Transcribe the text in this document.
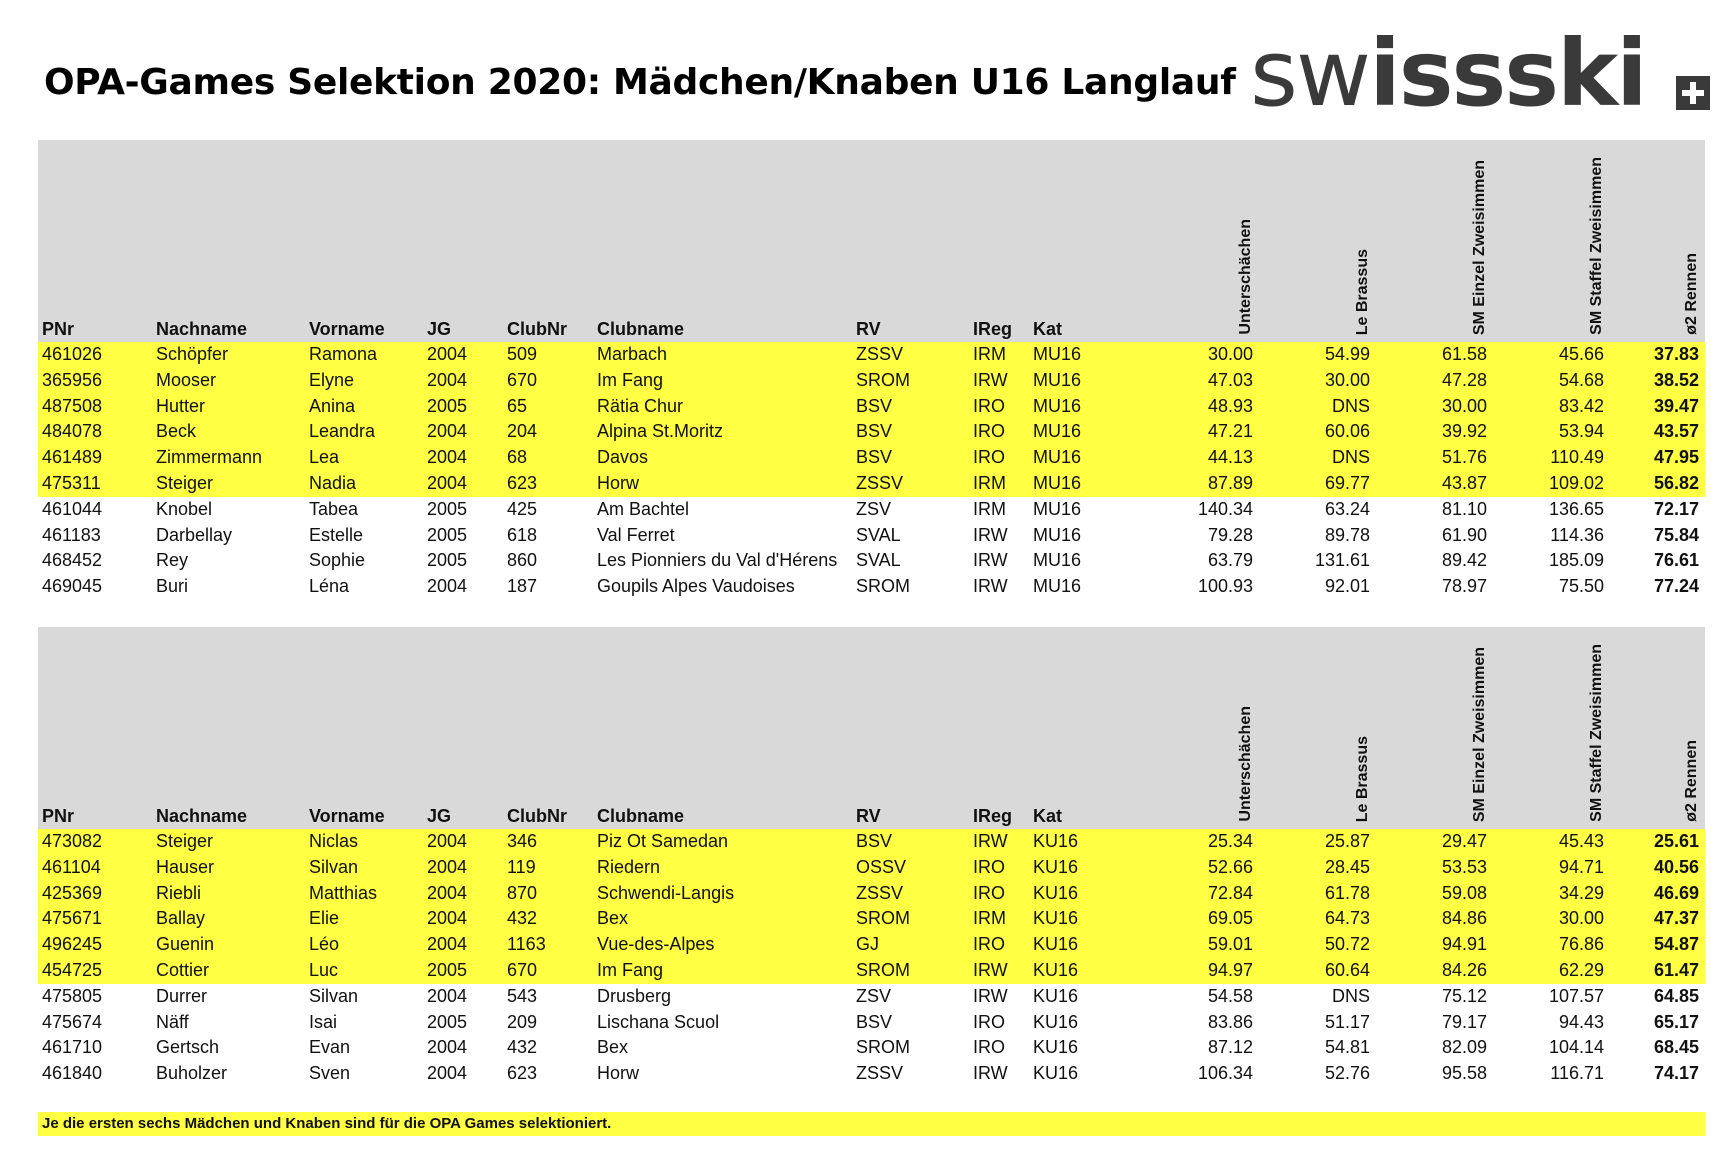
OPA-Games Selektion 2020: Mädchen/Knaben U16 Langlauf swissski
PNr	Nachname	Vorname	JG	ClubNr	Clubname	RV	IReg	Kat	Unterschächen	Le Brassus	SM Einzel Zweisimmen	SM Staffel Zweisimmen	ø2 Rennen
461026	Schöpfer	Ramona	2004	509	Marbach	ZSSV	IRM	MU16	30.00	54.99	61.58	45.66	37.83
365956	Mooser	Elyne	2004	670	Im Fang	SROM	IRW	MU16	47.03	30.00	47.28	54.68	38.52
487508	Hutter	Anina	2005	65	Rätia Chur	BSV	IRO	MU16	48.93	DNS	30.00	83.42	39.47
484078	Beck	Leandra	2004	204	Alpina St.Moritz	BSV	IRO	MU16	47.21	60.06	39.92	53.94	43.57
461489	Zimmermann	Lea	2004	68	Davos	BSV	IRO	MU16	44.13	DNS	51.76	110.49	47.95
475311	Steiger	Nadia	2004	623	Horw	ZSSV	IRM	MU16	87.89	69.77	43.87	109.02	56.82
461044	Knobel	Tabea	2005	425	Am Bachtel	ZSV	IRM	MU16	140.34	63.24	81.10	136.65	72.17
461183	Darbellay	Estelle	2005	618	Val Ferret	SVAL	IRW	MU16	79.28	89.78	61.90	114.36	75.84
468452	Rey	Sophie	2005	860	Les Pionniers du Val d'Hérens	SVAL	IRW	MU16	63.79	131.61	89.42	185.09	76.61
469045	Buri	Léna	2004	187	Goupils Alpes Vaudoises	SROM	IRW	MU16	100.93	92.01	78.97	75.50	77.24
PNr	Nachname	Vorname	JG	ClubNr	Clubname	RV	IReg	Kat	Unterschächen	Le Brassus	SM Einzel Zweisimmen	SM Staffel Zweisimmen	ø2 Rennen
473082	Steiger	Niclas	2004	346	Piz Ot Samedan	BSV	IRW	KU16	25.34	25.87	29.47	45.43	25.61
461104	Hauser	Silvan	2004	119	Riedern	OSSV	IRO	KU16	52.66	28.45	53.53	94.71	40.56
425369	Riebli	Matthias	2004	870	Schwendi-Langis	ZSSV	IRO	KU16	72.84	61.78	59.08	34.29	46.69
475671	Ballay	Elie	2004	432	Bex	SROM	IRM	KU16	69.05	64.73	84.86	30.00	47.37
496245	Guenin	Léo	2004	1163	Vue-des-Alpes	GJ	IRO	KU16	59.01	50.72	94.91	76.86	54.87
454725	Cottier	Luc	2005	670	Im Fang	SROM	IRW	KU16	94.97	60.64	84.26	62.29	61.47
475805	Durrer	Silvan	2004	543	Drusberg	ZSV	IRW	KU16	54.58	DNS	75.12	107.57	64.85
475674	Näff	Isai	2005	209	Lischana Scuol	BSV	IRO	KU16	83.86	51.17	79.17	94.43	65.17
461710	Gertsch	Evan	2004	432	Bex	SROM	IRO	KU16	87.12	54.81	82.09	104.14	68.45
461840	Buholzer	Sven	2004	623	Horw	ZSSV	IRW	KU16	106.34	52.76	95.58	116.71	74.17
Je die ersten sechs Mädchen und Knaben sind für die OPA Games selektioniert.
